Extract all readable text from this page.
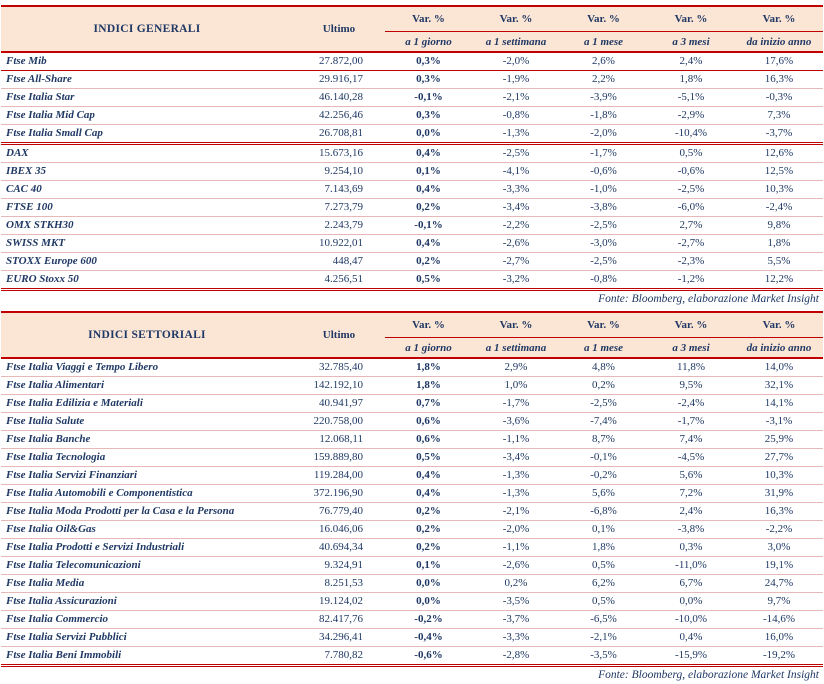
INDICI GENERALI	Ultimo	Var. %	Var. %	Var. %	Var. %	Var. %
		a 1 giorno	a 1 settimana	a 1 mese	a 3 mesi	da inizio anno
Ftse Mib	27.872,00	0,3%	-2,0%	2,6%	2,4%	17,6%
Ftse All-Share	29.916,17	0,3%	-1,9%	2,2%	1,8%	16,3%
Ftse Italia Star	46.140,28	-0,1%	-2,1%	-3,9%	-5,1%	-0,3%
Ftse Italia Mid Cap	42.256,46	0,3%	-0,8%	-1,8%	-2,9%	7,3%
Ftse Italia Small Cap	26.708,81	0,0%	-1,3%	-2,0%	-10,4%	-3,7%
DAX	15.673,16	0,4%	-2,5%	-1,7%	0,5%	12,6%
IBEX 35	9.254,10	0,1%	-4,1%	-0,6%	-0,6%	12,5%
CAC 40	7.143,69	0,4%	-3,3%	-1,0%	-2,5%	10,3%
FTSE 100	7.273,79	0,2%	-3,4%	-3,8%	-6,0%	-2,4%
OMX STKH30	2.243,79	-0,1%	-2,2%	-2,5%	2,7%	9,8%
SWISS MKT	10.922,01	0,4%	-2,6%	-3,0%	-2,7%	1,8%
STOXX Europe 600	448,47	0,2%	-2,7%	-2,5%	-2,3%	5,5%
EURO Stoxx 50	4.256,51	0,5%	-3,2%	-0,8%	-1,2%	12,2%
Fonte: Bloomberg, elaborazione Market Insight
INDICI SETTORIALI	Ultimo	Var. %	Var. %	Var. %	Var. %	Var. %
		a 1 giorno	a 1 settimana	a 1 mese	a 3 mesi	da inizio anno
Ftse Italia Viaggi e Tempo Libero	32.785,40	1,8%	2,9%	4,8%	11,8%	14,0%
Ftse Italia Alimentari	142.192,10	1,8%	1,0%	0,2%	9,5%	32,1%
Ftse Italia Edilizia e Materiali	40.941,97	0,7%	-1,7%	-2,5%	-2,4%	14,1%
Ftse Italia Salute	220.758,00	0,6%	-3,6%	-7,4%	-1,7%	-3,1%
Ftse Italia Banche	12.068,11	0,6%	-1,1%	8,7%	7,4%	25,9%
Ftse Italia Tecnologia	159.889,80	0,5%	-3,4%	-0,1%	-4,5%	27,7%
Ftse Italia Servizi Finanziari	119.284,00	0,4%	-1,3%	-0,2%	5,6%	10,3%
Ftse Italia Automobili e Componentistica	372.196,90	0,4%	-1,3%	5,6%	7,2%	31,9%
Ftse Italia Moda Prodotti per la Casa e la Persona	76.779,40	0,2%	-2,1%	-6,8%	2,4%	16,3%
Ftse Italia Oil&Gas	16.046,06	0,2%	-2,0%	0,1%	-3,8%	-2,2%
Ftse Italia Prodotti e Servizi Industriali	40.694,34	0,2%	-1,1%	1,8%	0,3%	3,0%
Ftse Italia Telecomunicazioni	9.324,91	0,1%	-2,6%	0,5%	-11,0%	19,1%
Ftse Italia Media	8.251,53	0,0%	0,2%	6,2%	6,7%	24,7%
Ftse Italia Assicurazioni	19.124,02	0,0%	-3,5%	0,5%	0,0%	9,7%
Ftse Italia Commercio	82.417,76	-0,2%	-3,7%	-6,5%	-10,0%	-14,6%
Ftse Italia Servizi Pubblici	34.296,41	-0,4%	-3,3%	-2,1%	0,4%	16,0%
Ftse Italia Beni Immobili	7.780,82	-0,6%	-2,8%	-3,5%	-15,9%	-19,2%
Fonte: Bloomberg, elaborazione Market Insight
